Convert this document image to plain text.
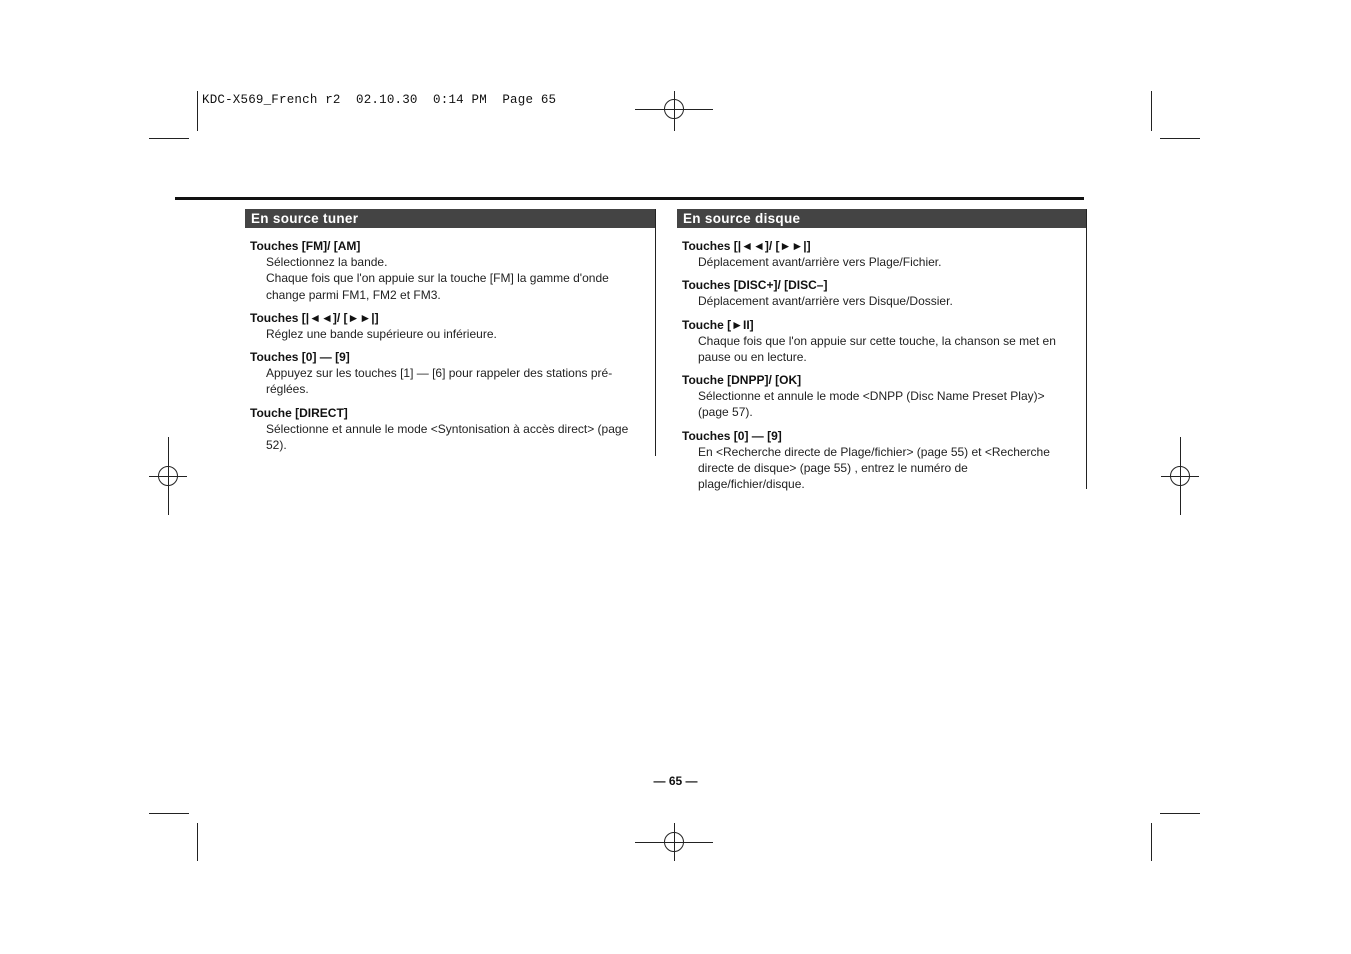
KDC-X569_French r2  02.10.30  0:14 PM  Page 65
En source tuner
Touches [FM]/ [AM]
Sélectionnez la bande.
Chaque fois que l'on appuie sur la touche [FM] la gamme d'onde change parmi FM1, FM2 et FM3.
Touches [|◄◄]/ [►►|]
Réglez une bande supérieure ou inférieure.
Touches [0] — [9]
Appuyez sur les touches [1] — [6] pour rappeler des stations pré-réglées.
Touche [DIRECT]
Sélectionne et annule le mode <Syntonisation à accès direct> (page 52).
En source disque
Touches [|◄◄]/ [►►|]
Déplacement avant/arrière vers Plage/Fichier.
Touches [DISC+]/ [DISC–]
Déplacement avant/arrière vers Disque/Dossier.
Touche [►II]
Chaque fois que l'on appuie sur cette touche, la chanson se met en pause ou en lecture.
Touche [DNPP]/ [OK]
Sélectionne et annule le mode <DNPP (Disc Name Preset Play)> (page 57).
Touches [0] — [9]
En <Recherche directe de Plage/fichier> (page 55) et <Recherche directe de disque> (page 55) , entrez le numéro de plage/fichier/disque.
— 65 —
